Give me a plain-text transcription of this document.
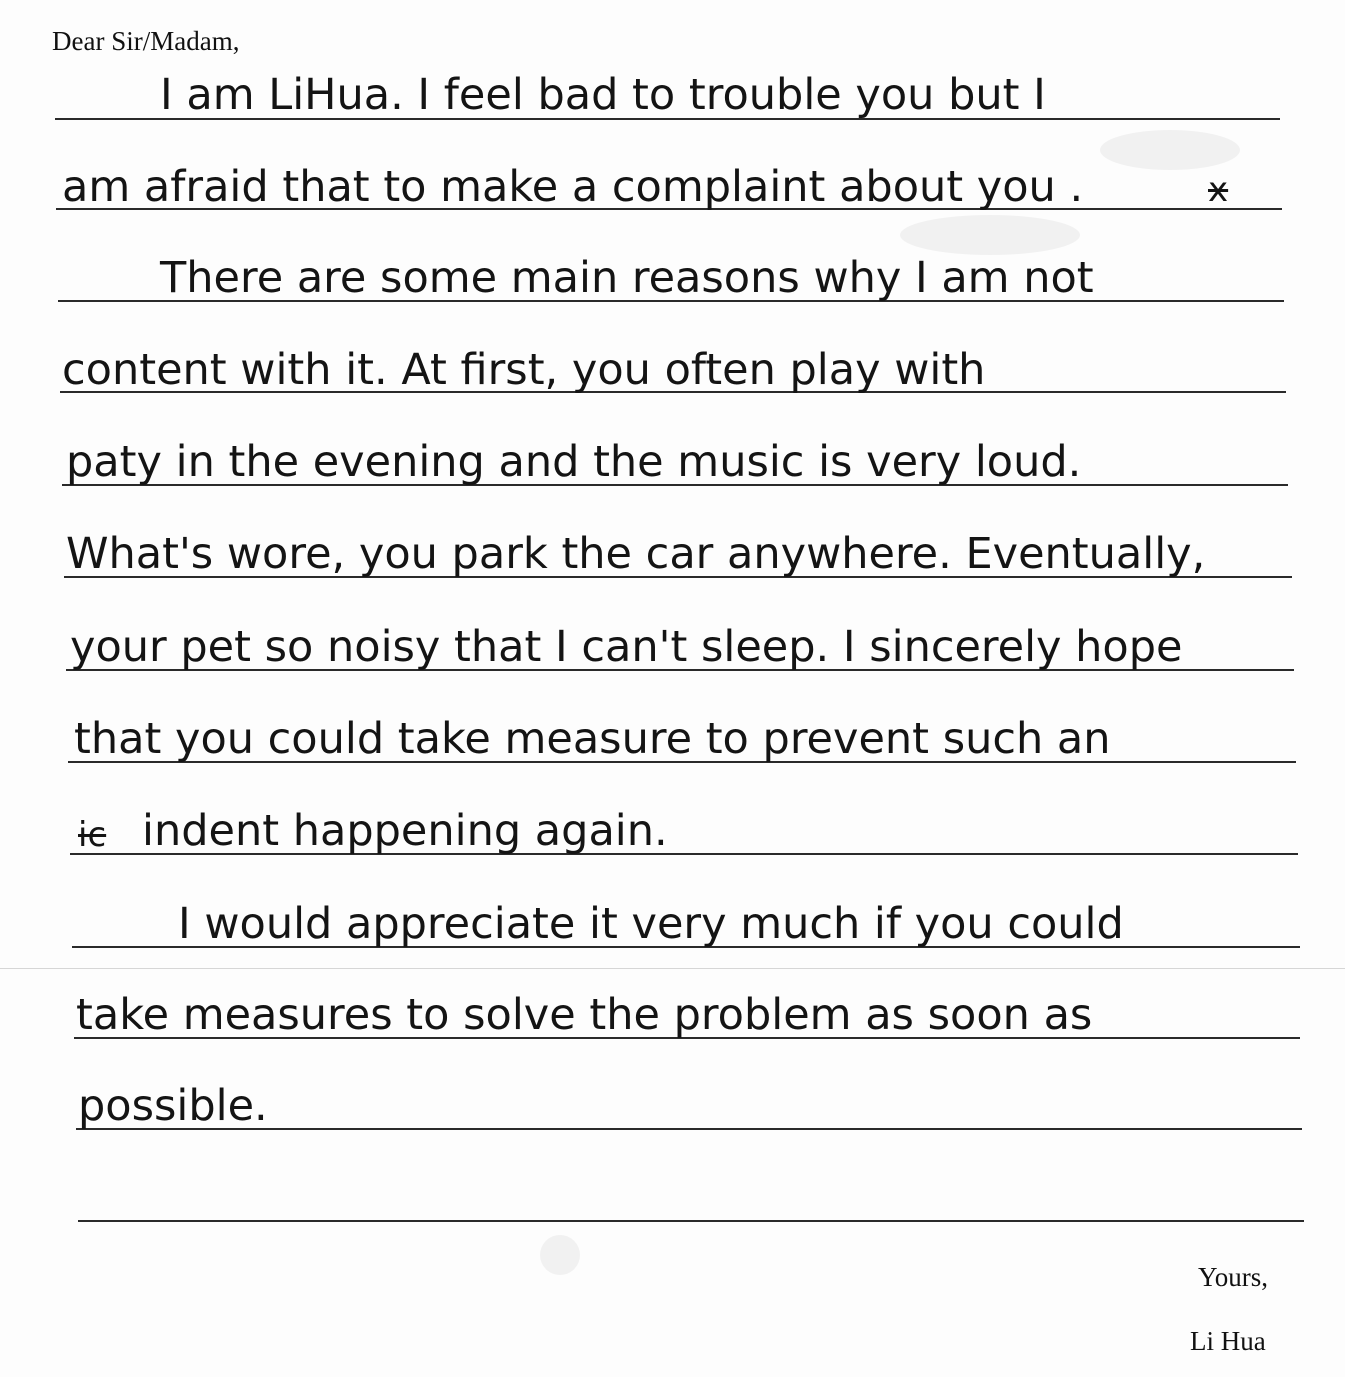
Dear Sir/Madam,
I am LiHua. I feel bad to trouble you but I
am afraid that to make a complaint about you .
There are some main reasons why I am not
content with it. At first, you often play with
paty in the evening and the music is very loud.
What's wore, you park the car anywhere. Eventually,
your pet so noisy that I can't sleep. I sincerely hope
that you could take measure to prevent such an
ic indent happening again.
I would appreciate it very much if you could
take measures to solve the problem as soon as
possible.
x
Yours,
Li Hua
